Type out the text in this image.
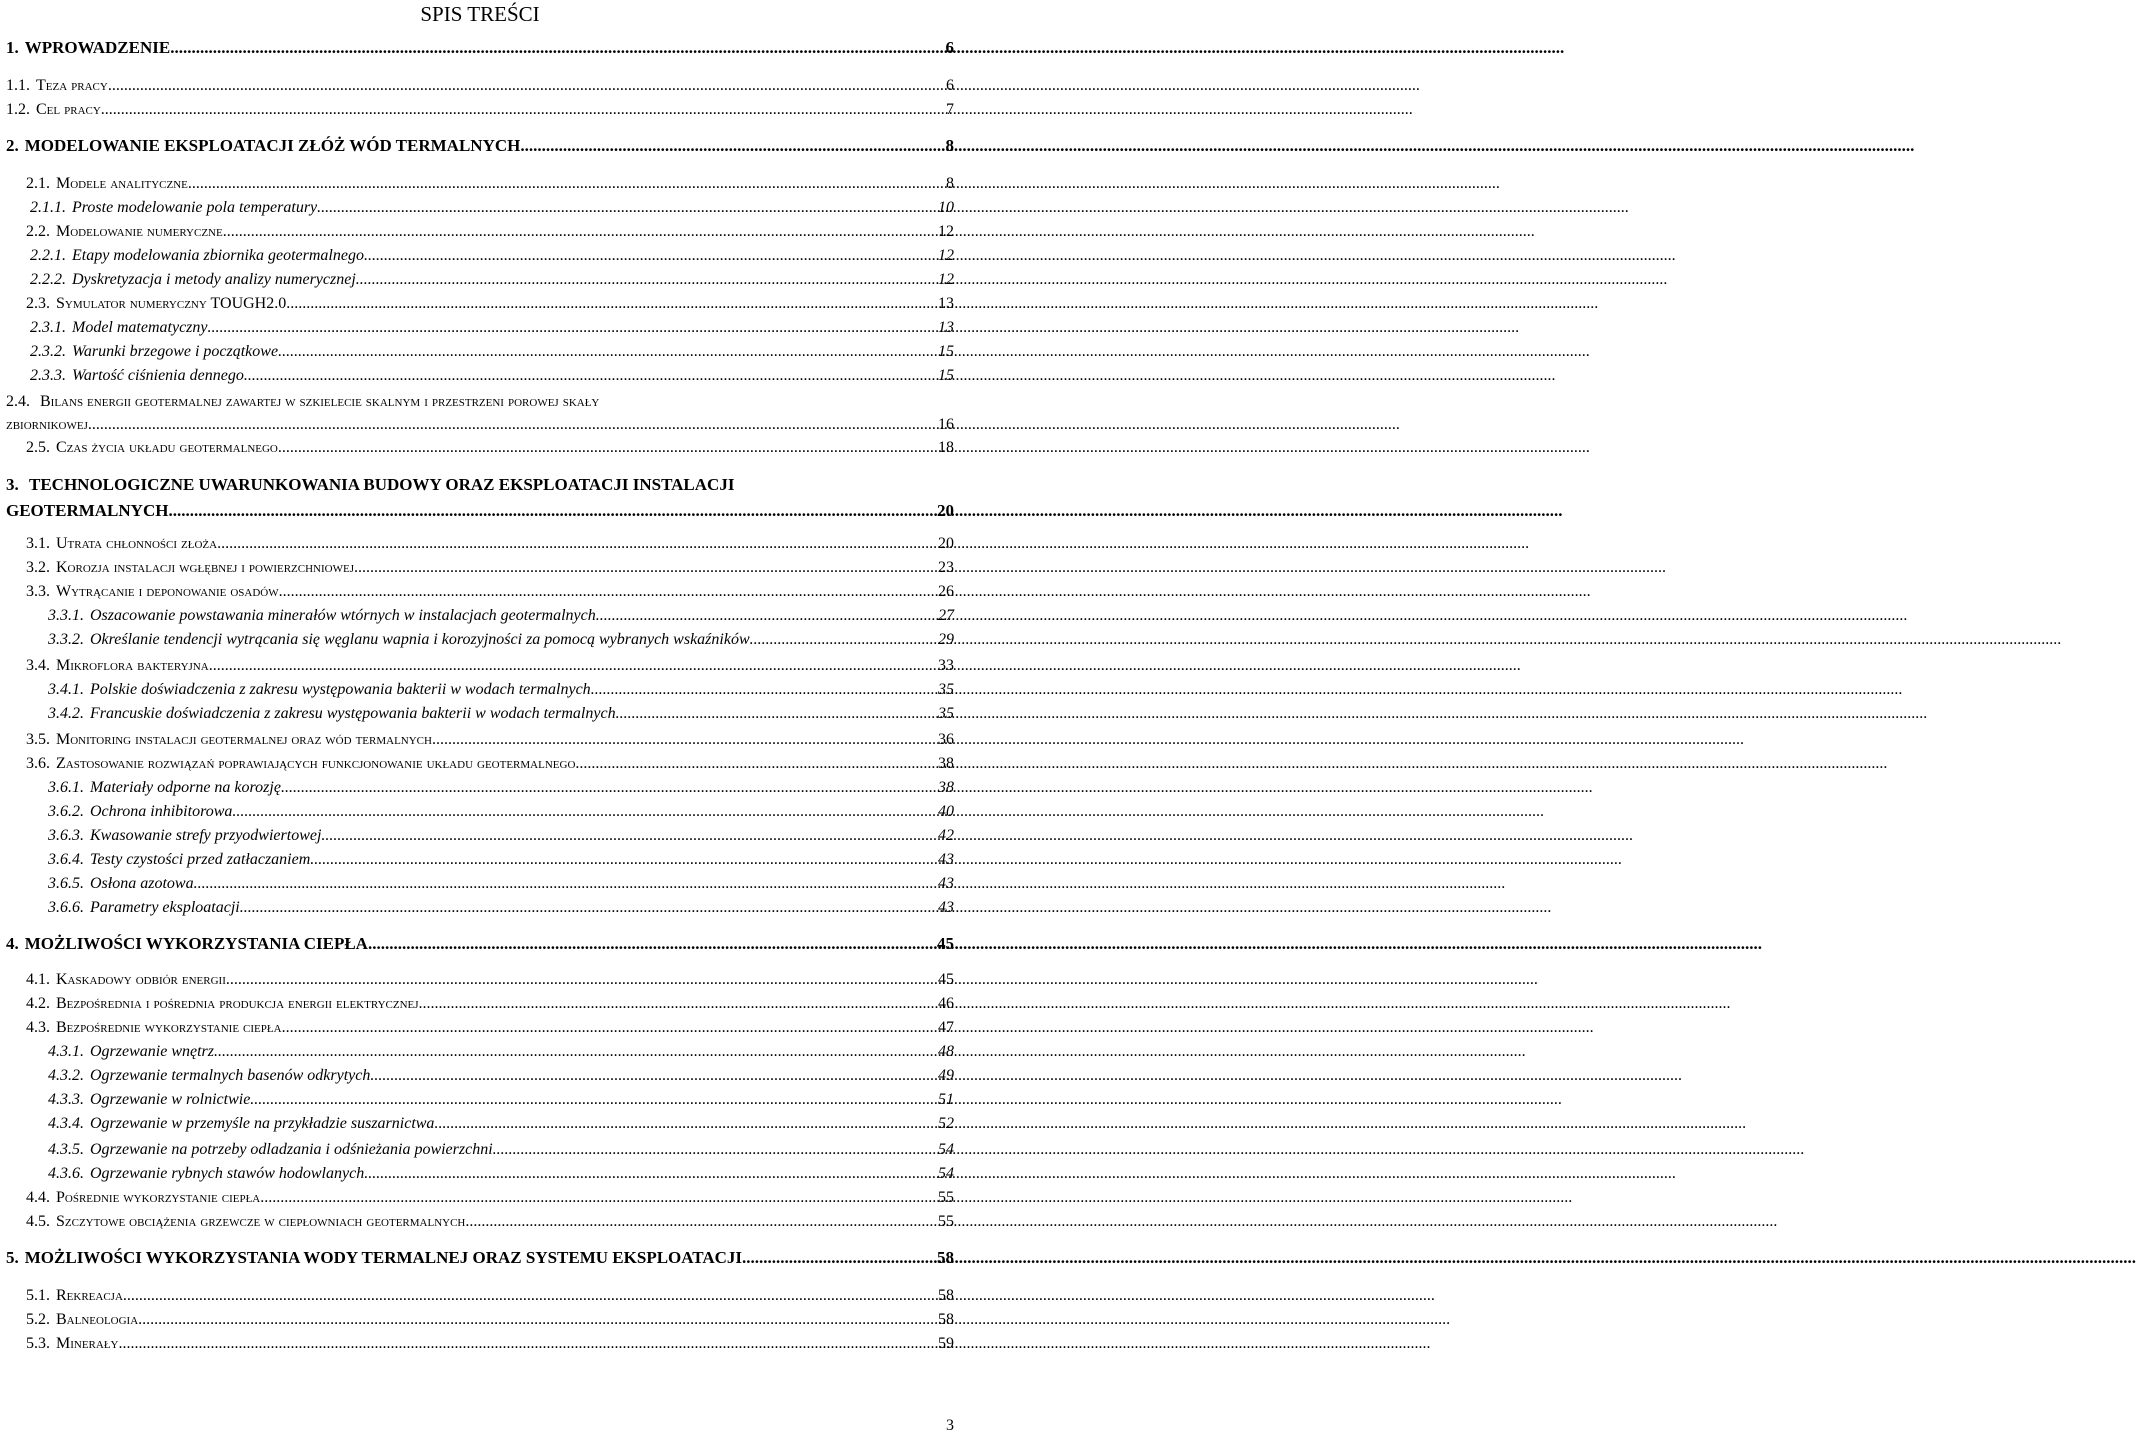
SPIS TREŚCI
1. WPROWADZENIE .....	6
1.1. Teza pracy .....	6
1.2. Cel pracy .....	7
2. MODELOWANIE EKSPLOATACJI ZŁÓŻ WÓD TERMALNYCH .....	8
2.1. Modele analityczne .....	8
2.1.1. Proste modelowanie pola temperatury .....	10
2.2. Modelowanie numeryczne .....	12
2.2.1. Etapy modelowania zbiornika geotermalnego .....	12
2.2.2. Dyskretyzacja i metody analizy numerycznej .....	12
2.3. Symulator numeryczny TOUGH2.0 .....	13
2.3.1. Model matematyczny .....	13
2.3.2. Warunki brzegowe i początkowe .....	15
2.3.3. Wartość ciśnienia dennego .....	15
2.4. Bilans energii geotermalnej zawartej w szkielecie skalnym i przestrzeni porowej skały
zbiornikowej .....	16
2.5. Czas życia układu geotermalnego .....	18
3. TECHNOLOGICZNE UWARUNKOWANIA BUDOWY ORAZ EKSPLOATACJI INSTALACJI
GEOTERMALNYCH .....	20
3.1. Utrata chłonności złoża .....	20
3.2. Korozja instalacji wgłębnej i powierzchniowej .....	23
3.3. Wytrącanie i deponowanie osadów .....	26
3.3.1. Oszacowanie powstawania minerałów wtórnych w instalacjach geotermalnych .....	27
3.3.2. Określanie tendencji wytrącania się węglanu wapnia i korozyjności za pomocą wybranych wskaźników .....	29
3.4. Mikroflora bakteryjna .....	33
3.4.1. Polskie doświadczenia z zakresu występowania bakterii w wodach termalnych .....	35
3.4.2. Francuskie doświadczenia z zakresu występowania bakterii w wodach termalnych .....	35
3.5. Monitoring instalacji geotermalnej oraz wód termalnych .....	36
3.6. Zastosowanie rozwiązań poprawiających funkcjonowanie układu geotermalnego .....	38
3.6.1. Materiały odporne na korozję .....	38
3.6.2. Ochrona inhibitorowa .....	40
3.6.3. Kwasowanie strefy przyodwiertowej .....	42
3.6.4. Testy czystości przed zatłaczaniem .....	43
3.6.5. Osłona azotowa .....	43
3.6.6. Parametry eksploatacji .....	43
4. MOŻLIWOŚCI WYKORZYSTANIA CIEPŁA .....	45
4.1. Kaskadowy odbiór energii .....	45
4.2. Bezpośrednia i pośrednia produkcja energii elektrycznej .....	46
4.3. Bezpośrednie wykorzystanie ciepła .....	47
4.3.1. Ogrzewanie wnętrz .....	48
4.3.2. Ogrzewanie termalnych basenów odkrytych .....	49
4.3.3. Ogrzewanie w rolnictwie .....	51
4.3.4. Ogrzewanie w przemyśle na przykładzie suszarnictwa .....	52
4.3.5. Ogrzewanie na potrzeby odladzania i odśnieżania powierzchni .....	54
4.3.6. Ogrzewanie rybnych stawów hodowlanych .....	54
4.4. Pośrednie wykorzystanie ciepła .....	55
4.5. Szczytowe obciążenia grzewcze w ciepłowniach geotermalnych .....	55
5. MOŻLIWOŚCI WYKORZYSTANIA WODY TERMALNEJ ORAZ SYSTEMU EKSPLOATACJI .....	58
5.1. Rekreacja .....	58
5.2. Balneologia .....	58
5.3. Minerały .....	59
3
